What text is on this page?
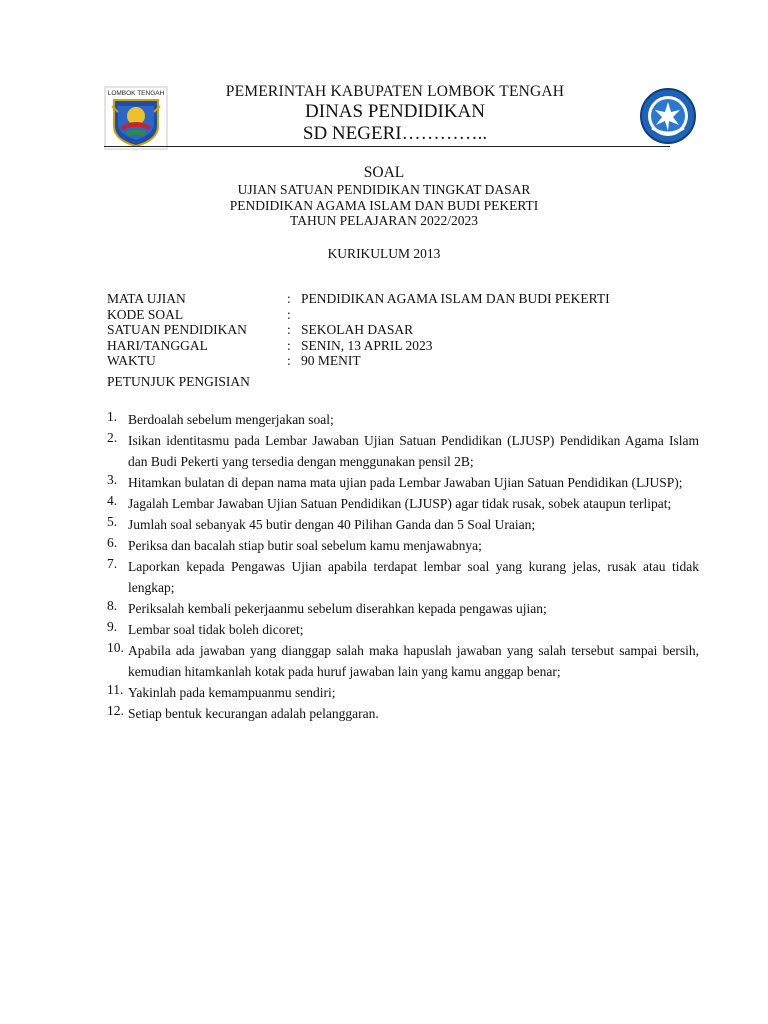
LOMBOK TENGAH	PEMERINTAH KABUPATEN LOMBOK TENGAH
DINAS PENDIDIKAN
SD NEGERI…………..
SOAL
UJIAN SATUAN PENDIDIKAN TINGKAT DASAR
PENDIDIKAN AGAMA ISLAM DAN BUDI PEKERTI
TAHUN PELAJARAN 2022/2023
KURIKULUM 2013
MATA UJIAN	: PENDIDIKAN AGAMA ISLAM DAN BUDI PEKERTI
KODE SOAL	:
SATUAN PENDIDIKAN	: SEKOLAH DASAR
HARI/TANGGAL	: SENIN, 13 APRIL 2023
WAKTU	: 90 MENIT
PETUNJUK PENGISIAN
1. Berdoalah sebelum mengerjakan soal;
2. Isikan identitasmu pada Lembar Jawaban Ujian Satuan Pendidikan (LJUSP) Pendidikan Agama Islam dan Budi Pekerti yang tersedia dengan menggunakan pensil 2B;
3. Hitamkan bulatan di depan nama mata ujian pada Lembar Jawaban Ujian Satuan Pendidikan (LJUSP);
4. Jagalah Lembar Jawaban Ujian Satuan Pendidikan (LJUSP) agar tidak rusak, sobek ataupun terlipat;
5. Jumlah soal sebanyak 45 butir dengan 40 Pilihan Ganda dan 5 Soal Uraian;
6. Periksa dan bacalah stiap butir soal sebelum kamu menjawabnya;
7. Laporkan kepada Pengawas Ujian apabila terdapat lembar soal yang kurang jelas, rusak atau tidak lengkap;
8. Periksalah kembali pekerjaanmu sebelum diserahkan kepada pengawas ujian;
9. Lembar soal tidak boleh dicoret;
10. Apabila ada jawaban yang dianggap salah maka hapuslah jawaban yang salah tersebut sampai bersih, kemudian hitamkanlah kotak pada huruf jawaban lain yang kamu anggap benar;
11. Yakinlah pada kemampuanmu sendiri;
12. Setiap bentuk kecurangan adalah pelanggaran.
